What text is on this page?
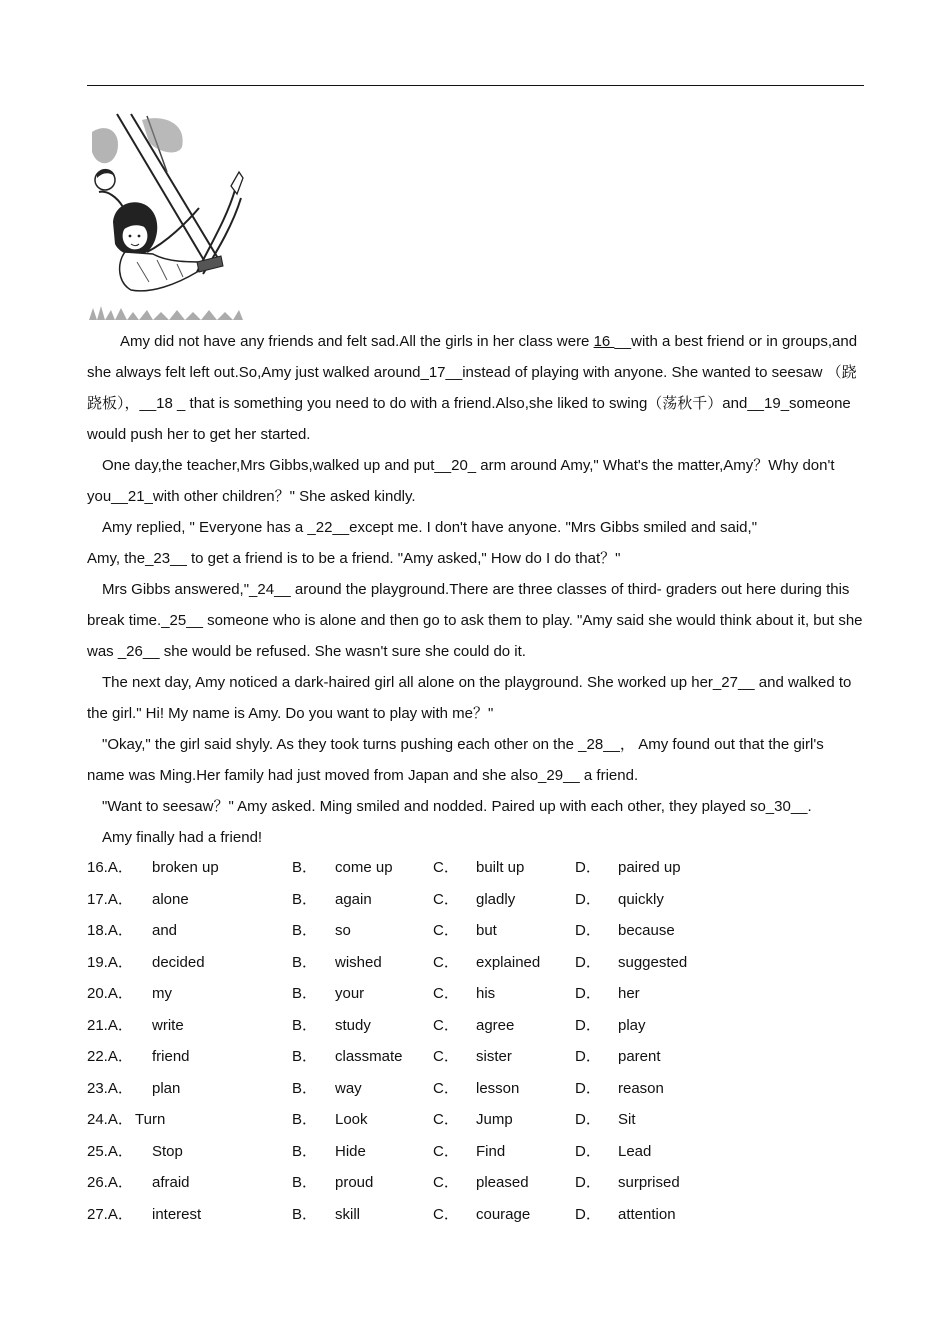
Amy did not have any friends and felt sad.All the girls in her class were 16 __with a best friend or in groups,and she always felt left out.So,Amy just walked around_17__instead of playing with anyone. She wanted to seesaw （跷跷板），__18 _ that is something you need to do with a friend.Also,she liked to swing（荡秋千）and__19_someone would push her to get her started.

One day,the teacher,Mrs Gibbs,walked up and put__20_ arm around Amy," What's the matter,Amy？Why don't you__21_with other children？" She asked kindly.

Amy replied, " Everyone has a _22__except me. I don't have anyone. "Mrs Gibbs smiled and said,"

Amy, the_23__ to get a friend is to be a friend. "Amy asked," How do I do that？"

Mrs Gibbs answered,"_24__ around the playground.There are three classes of third- graders out here during this break time._25__ someone who is alone and then go to ask them to play. "Amy said she would think about it, but she was _26__ she would be refused. She wasn't sure she could do it.

The next day, Amy noticed a dark-haired girl all alone on the playground. She worked up her_27__ and walked to the girl." Hi! My name is Amy. Do you want to play with me？"

"Okay," the girl said shyly. As they took turns pushing each other on the _28__， Amy found out that the girl's name was Ming.Her family had just moved from Japan and she also_29__ a friend.

"Want to seesaw？" Amy asked. Ming smiled and nodded. Paired up with each other, they played so_30__.

Amy finally had a friend!

16.A． broken up	B． come up	C． built up	D． paired up
17.A． alone	B． again	C． gladly	D． quickly
18.A． and	B． so	C． but	D． because
19.A． decided	B． wished	C． explained D． suggested
20.A． my	B． your	C． his	D． her
21.A． write	B． study	C． agree	D． play
22.A． friend	B． classmate C． sister	D． parent
23.A． plan	B． way	C． lesson	D． reason
24.A． Turn	B． Look	C． Jump	D． Sit
25.A． Stop	B． Hide	C． Find	D． Lead
26.A． afraid	B． proud	C． pleased	D． surprised
27.A． interest	B． skill	C． courage	D． attention
